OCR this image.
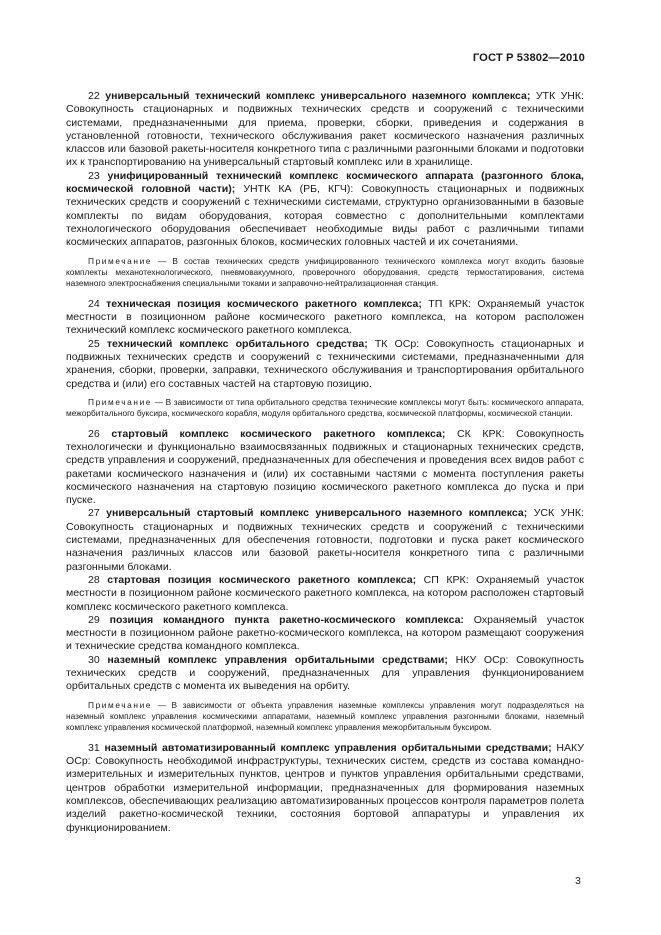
ГОСТ Р 53802—2010

22 универсальный технический комплекс универсального наземного комплекса; УТК УНК: Совокупность стационарных и подвижных технических средств и сооружений с техническими системами, предназначенными для приема, проверки, сборки, приведения и содержания в установленной готовности, технического обслуживания ракет космического назначения различных классов или базовой ракеты-носителя конкретного типа с различными разгонными блоками и подготовки их к транспортированию на универсальный стартовый комплекс или в хранилище.

23 унифицированный технический комплекс космического аппарата (разгонного блока, космической головной части); УНТК КА (РБ, КГЧ): Совокупность стационарных и подвижных технических средств и сооружений с техническими системами, структурно организованными в базовые комплекты по видам оборудования, которая совместно с дополнительными комплектами технологического оборудования обеспечивает необходимые виды работ с различными типами космических аппаратов, разгонных блоков, космических головных частей и их сочетаниями.

Примечание — В состав технических средств унифицированного технического комплекса могут входить базовые комплекты механотехнологического, пневмовакуумного, проверочного оборудования, средств термостатирования, система наземного электроснабжения специальными токами и заправочно-нейтрализационная станция.

24 техническая позиция космического ракетного комплекса; ТП КРК: Охраняемый участок местности в позиционном районе космического ракетного комплекса, на котором расположен технический комплекс космического ракетного комплекса.

25 технический комплекс орбитального средства; ТК ОСр: Совокупность стационарных и подвижных технических средств и сооружений с техническими системами, предназначенными для хранения, сборки, проверки, заправки, технического обслуживания и транспортирования орбитального средства и (или) его составных частей на стартовую позицию.

Примечание — В зависимости от типа орбитального средства технические комплексы могут быть: космического аппарата, межорбитального буксира, космического корабля, модуля орбитального средства, космической платформы, космической станции.

26 стартовый комплекс космического ракетного комплекса; СК КРК: Совокупность технологически и функционально взаимосвязанных подвижных и стационарных технических средств, средств управления и сооружений, предназначенных для обеспечения и проведения всех видов работ с ракетами космического назначения и (или) их составными частями с момента поступления ракеты космического назначения на стартовую позицию космического ракетного комплекса до пуска и при пуске.

27 универсальный стартовый комплекс универсального наземного комплекса; УСК УНК: Совокупность стационарных и подвижных технических средств и сооружений с техническими системами, предназначенных для обеспечения готовности, подготовки и пуска ракет космического назначения различных классов или базовой ракеты-носителя конкретного типа с различными разгонными блоками.

28 стартовая позиция космического ракетного комплекса; СП КРК: Охраняемый участок местности в позиционном районе космического ракетного комплекса, на котором расположен стартовый комплекс космического ракетного комплекса.

29 позиция командного пункта ракетно-космического комплекса: Охраняемый участок местности в позиционном районе ракетно-космического комплекса, на котором размещают сооружения и технические средства командного комплекса.

30 наземный комплекс управления орбитальными средствами; НКУ ОСр: Совокупность технических средств и сооружений, предназначенных для управления функционированием орбитальных средств с момента их выведения на орбиту.

Примечание — В зависимости от объекта управления наземные комплексы управления могут подразделяться на наземный комплекс управления космическими аппаратами, наземный комплекс управления разгонными блоками, наземный комплекс управления космической платформой, наземный комплекс управления межорбитальным буксиром.

31 наземный автоматизированный комплекс управления орбитальными средствами; НАКУ ОСр: Совокупность необходимой инфраструктуры, технических систем, средств из состава командно-измерительных и измерительных пунктов, центров и пунктов управления орбитальными средствами, центров обработки измерительной информации, предназначенных для формирования наземных комплексов, обеспечивающих реализацию автоматизированных процессов контроля параметров полета изделий ракетно-космической техники, состояния бортовой аппаратуры и управления их функционированием.

3
